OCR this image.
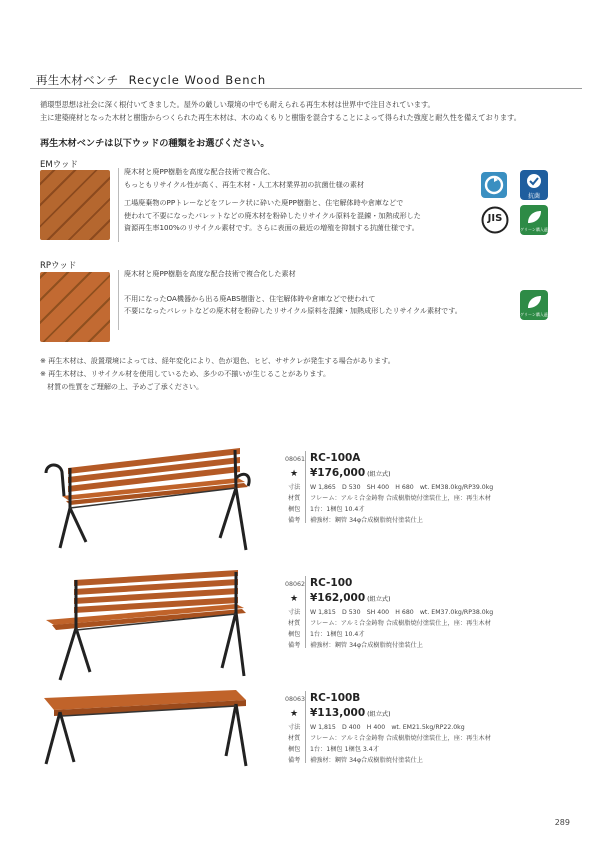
再生木材ベンチ Recycle Wood Bench
循環型思想は社会に深く根付いてきました。屋外の厳しい環境の中でも耐えられる再生木材は世界中で注目されています。
主に建築廃材となった木材と樹脂からつくられた再生木材は、木のぬくもりと樹脂を混合することによって得られた強度と耐久性を備えております。
再生木材ベンチは以下ウッドの種類をお選びください。
EMウッド
廃木材と廃PP樹脂を高度な配合技術で複合化、
もっともリサイクル性が高く、再生木材・人工木材業界初の抗菌仕様の素材
工場廃棄物のPPトレーなどをフレーク状に砕いた廃PP樹脂と、住宅解体時や倉庫などで
使われて不要になったパレットなどの廃木材を粉砕したリサイクル原料を混錬・加熱成形した
資源再生率100%のリサイクル素材です。さらに表面の最近の増殖を抑制する抗菌仕様です。
抗菌
JIS
グリーン購入適合
RPウッド
廃木材と廃PP樹脂を高度な配合技術で複合化した素材
不用になったOA機器から出る廃ABS樹脂と、住宅解体時や倉庫などで使われて
不要になったパレットなどの廃木材を粉砕したリサイクル原料を混錬・加熱成形したリサイクル素材です。	グリーン購入適合
※ 再生木材は、設置環境によっては、経年変化により、色が退色、ヒビ、ササクレが発生する場合があります。
※ 再生木材は、リサイクル材を使用しているため、多少の不揃いが生じることがあります。
　材質の性質をご理解の上、予めご了承ください。
08061 RC-100A
★ ¥176,000 (組立式)
寸法 W 1,865　D 530　SH 400　H 680　wt. EM38.0kg/RP39.0kg
材質 フレーム：アルミ合金鋳物 合成樹脂焼付塗装仕上，座：再生木材
梱包 1台：1梱包 10.4才
備考 補強材：鋼管 34φ合成樹脂焼付塗装仕上
08062 RC-100
★ ¥162,000 (組立式)
寸法 W 1,815　D 530　SH 400　H 680　wt. EM37.0kg/RP38.0kg
材質 フレーム：アルミ合金鋳物 合成樹脂焼付塗装仕上，座：再生木材
梱包 1台：1梱包 10.4才
備考 補強材：鋼管 34φ合成樹脂焼付塗装仕上
08063 RC-100B
★ ¥113,000 (組立式)
寸法 W 1,815　D 400　H 400　wt. EM21.5kg/RP22.0kg
材質 フレーム：アルミ合金鋳物 合成樹脂焼付塗装仕上，座：再生木材
梱包 1台：1梱包 1梱包 3.4才
備考 補強材：鋼管 34φ合成樹脂焼付塗装仕上
289
